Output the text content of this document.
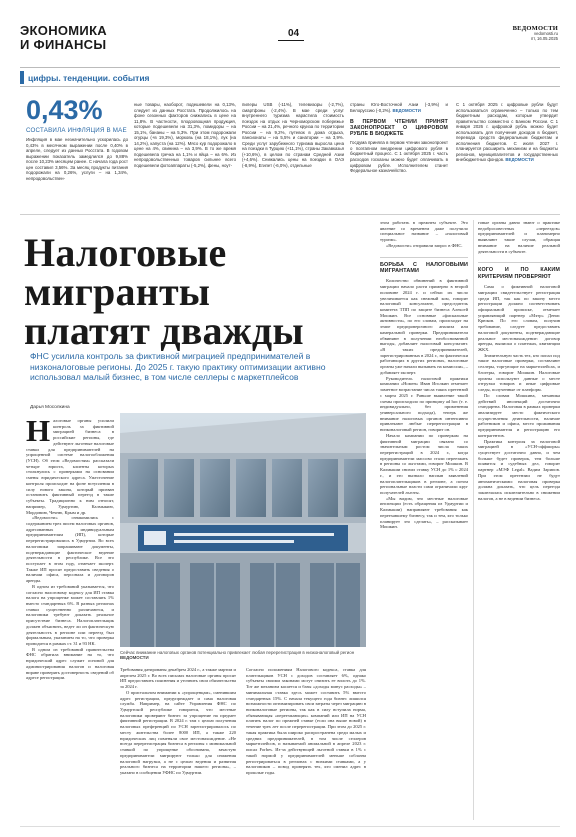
ЭКОНОМИКА
И ФИНАНСЫ
04	ВЕДОМОСТИ
vedomosti.ru
пт, 16.05.2025
цифры. тенденции. события
0,43%
СОСТАВИЛА ИНФЛЯЦИЯ В МАЕ

Инфляция в мае незначительно ускорилась до 0,43% в месячном выражении после 0,40% в апреле, следует из данных Росстата. В годовом выражении показатель замедлился до 9,88% после 10,23% месяцем ранее. С начала года рост цен составил 3,56%. За месяц продукты питания подорожали на 0,26%, услуги – на 1,34%, непродовольствен-

ные товары, наоборот, подешевели на 0,13%, следует из данных Росстата. Продолжилось на фоне сезонных факторов снижались в цене на 11,8%. В частности, плодоовощная продукция, которые подешевели на 31,3%, помидоры – на 15,1%, бананы – на 5,3%. При этом подорожали огурцы (+в 19,3%), морковь (на 18,1%), лук (на 14,2%), капуста (на 12%). Мясо кур подорожало в цене на 4%, свинина – на 3,9%. В то же время подешевела гречка на 1,1% и яйца – на 6%. Из непродовольственных товаров сильнее всего подешевели фотоаппараты (-5,2%), фены, ноут-

пилеры USB (-11%), телевизоры (-2,7%), смартфоны (-2,4%). В мае среди услуг внутреннего туризма нарастила стоимость поездок на отдых на Черноморском побережье России – на 21,4%, речного круиза по территории России – на 9,2%, путевок в дома отдыха, пансионаты – на 5,5% и санатории – на 3,9%. Среди услуг зарубежного туризма выросла цена на поездки в Турцию (+11,1%), страны Закавказья (+10,6%), в целом по странам Средней Азии (+4,6%). Снижались цены на поездки в ОАЭ (-8,9%), Египет (-6,0%), отдельные

страны Юго-Восточной Азии (-3,9%) и Белоруссию (-0,2%). ВЕДОМОСТИ

В ПЕРВОМ ЧТЕНИИ ПРИНЯТ ЗАКОНОПРОЕКТ О ЦИФРОВОМ РУБЛЕ В БЮДЖЕТЕ

Госдума приняла в первом чтении законопроект о поэтапном внедрении цифрового рубля в бюджетный процесс. С 1 октября 2025 г. часть расходов госказны можно будет оплачивать в цифровом рубле. Исполнителем станет Федеральное казначейство.

С 1 октября 2025 г. цифровые рубли будут использоваться ограниченно – только по тем бюджетным расходам, которые утвердит правительство совместно с Банком России. С 1 января 2026 г. цифровой рубль можно будет использовать для получения доходов в бюджет, перевода средств федеральным бюджетам и исполнения бюджетов. С июля 2027 г. планируется расширить механизм и на бюджеты регионов, муниципалитетов и государственных внебюджетных фондов. ВЕДОМОСТИ

Налоговые
мигранты
платят дважды
ФНС усилила контроль за фиктивной миграцией предпринимателей в низконалоговые регионы. До 2025 г. такую практику оптимизации активно использовал малый бизнес, в том числе селлеры с маркетплейсов
Дарья Мосолкина

этом работать в прежнем субъекте. Это явление со временем даже получило специальное название – «налоговый туризм».

«Ведомости» отправили запрос в ФНС.

БОРЬБА С НАЛОГОВЫМИ МИГРАНТАМИ

Количество обвинений в фиктивной миграции начало расти примерно в второй половине 2024 г. и сейчас их число увеличивается как снежный ком, говорит налоговый консультант, председатель комитета ТПП по защите бизнеса Алексей Мошкин. Все основные «фискальные активности», по его словам, происходят на этапе предпроверочного анализа или камеральной проверки. Предприниматели обвиняют в получении необоснованной выгоды, добавляет налоговый консультант. «В таких предпринимателей, зарегистрированных в 2024 г., но фактически работающих в других регионах, налоговые органы уже начали вызывать на комиссии», – добавляет эксперт.

Руководитель налоговой практики компании «Номен» Иван Иголкин отмечает заметное возрастание числа таких претензий с марта 2025 г. Раньше выявление такой схемы происходило по принципу ad hoc (т. е. индивидуально, без применения универсального подхода), теперь же внимание налоговых органов интенсивно привлекают любые перерегистрации в низконалоговый регион, говорит он.

Начало кампании по проверкам на фиктивной миграции связано со значительным ростом числа таких перерегистраций в 2024 г., когда предприниматели массово стали переезжать в регионы со льготами, говорит Мошкин. В Калмыкии снизил ставку УСН до 1% с 2024 г., и это вызвало наплыв заявлений налогоплательщиков в регионе, а потом региональные власти сами ограничили круг получателей льготы.

«Мы видим, что местные налоговые инспекции (есть обращения из Удмуртии и Калмыкии) направляют требования как переехавшему бизнесу, так и тем, кто только планирует это сделать», – рассказывает Мошкин.

говые органы давно знают о практике недобросовестных «переездов» предпринимателей и планомерно выявляют такие случаи, обращая внимание на наличие реальной деятельности в субъекте.

КОГО И ПО КАКИМ КРИТЕРИЯМ ПРОВЕРЯЮТ

Сама о фиктивной налоговой миграции свидетельствует регистрация среди ИП, так как по закону место регистрации должно соответствовать официальной прописке, отмечает управляющий партнер «Мэтр» Денис Крюков. По его словам, получив требование, следует предоставить налоговой документы, подтверждающие реальное местонахождение: договор аренды, выписки о платежах, квитанции ЖКХ.

Значительную часть тех, кто попал под такие налоговые проверки, составляют селлеры, торгующие на маркетплейсах, и блогеры, говорит Мошкин. Налоговые органы используют данные о месте отгрузки товаров и иные цифровые следы, полученные от платформ.

По словам Мошкина, механика действий инспекций достаточно стандартна. Налоговая в рамках проверки анализирует место фактического осуществления деятельности, наличие работников и офиса, место проживания предпринимателя и регистрацию его контрагентов.

Практика контроля за налоговой миграцией в «УСН-оффшоры» существует достаточно давно, и чем больше будет проверок, тем больше появится и судебных дел, говорит партнер «МЭФ Legal» Вадим Зарипов. При этом претензии не будут автоматическими: налоговая проверка должна доказать, что цель переезда заключалась исключительно в снижении налогов, а не в ведении бизнеса.

Н алоговые органы усилили контроль за фиктивной миграцией бизнеса в российские регионы, где действуют льготные налоговые ставки для предпринимателей на упрощенной системе налогообложения (УСН). Об этом «Ведомостям» рассказали четыре юриста, клиенты которых столкнулись с проверками на основании смены юридического адреса. Ужесточение контроля происходит на фоне вступления в силу нового закона, который призван остановить фиктивный переезд в такие субъекты. Традиционно к ним относят, например, Удмуртию, Калмыкию, Мордовию, Чечню, Крым и др.

«Ведомости» ознакомились с содержанием трех писем налоговых органов, адресованных индивидуальным предпринимателям (ИП), которые перерегистрировались в Удмуртии. Во всех налоговики запрашивают документы, подтверждающие фактическое ведение деятельности в республике. Все это поступает в этом году, отмечает эксперт. Также ИП просят предоставить сведения о наличии офиса, персонала и договоров аренды.

В одном из требований указывается, что согласно налоговому кодексу для ИП ставка налога на упрощенке может составлять 1% вместо стандартных 6%. В разных регионах ставки существенно различаются, и налоговики требуют доказать реальное присутствие бизнеса. Налогоплательщик должен объяснить, ведет ли он фактическую деятельность в регионе или переезд был формальным, указанием на то, что проверка проводится в рамках ст. 31 и 93 НК.

В одном из требований правительства ФНС обратила внимание на то, что юридический адрес служит основой для администрирования налогов и налоговая вправе проверять достоверность сведений об адресе регистрации.

Сейчас внимание налоговых органов потенциально привлекает любая перерегистрация в низконалоговый регион ВЕДОМОСТИ

Требования датированы декабрем 2024 г., а также мартом и апрелем 2025 г. Во всех письмах налоговые органы просят ИП предоставить пояснения и уточнить свои обязательства за 2024 г.

О пристальном внимании к «упрощенцам», сменившим адрес регистрации, предупреждает и сама налоговая служба. Например, на сайте Управления ФНС по Удмуртской республике говорится, что местные налоговики проверяют бизнес за упрощение на предмет фиктивной регистрации. В 2024 г. там с целью получения налоговых преференций по УСН зарегистрировалось по месту жительства более 8000 ИП, а также 220 юридических лиц поменяли свое местонахождение. «Не всегда перерегистрация бизнеса в регионы с минимальной ставкой по упрощенке обоснована, зачастую предприниматели мигрируют только для снижения налоговой нагрузки, а не с целью ведения и развития реального бизнеса на территории нашего региона», – указано в сообщении УФНС по Удмуртии.

Согласно положениям Налогового кодекса, ставка для плательщиков УСН с доходов составляет 6%, однако субъекты своими законами могут снизить ее вплоть до 1%. Тот же механизм касается и базы «доходы минус расходы» – минимальная ставка здесь может составить 5% вместо стандартных 15%. С начала текущего года бизнес лишился возможности оптимизировать свои затраты через миграцию в низконалоговые регионы, так как в силу вступила норма, обязывающая «переезжающих» компаний или ИП на УСН платить налог по прежней ставке (если она выше новой) в течение трех лет после перерегистрации. При этом до 2025 г. такая практика была широко распространена среди малых и средних предпринимателей, в том числе селлеров маркетплейсов, и называемой аномальной в апреле 2023 г. писал Forbes. Из-за действующей льготной ставки в 1% с такой нормой у предпринимателей меньше соблазна регистрироваться в регионах с низкими ставками, а у налоговиков – повод проверять тех, кто сменил адрес в прошлые годы.
